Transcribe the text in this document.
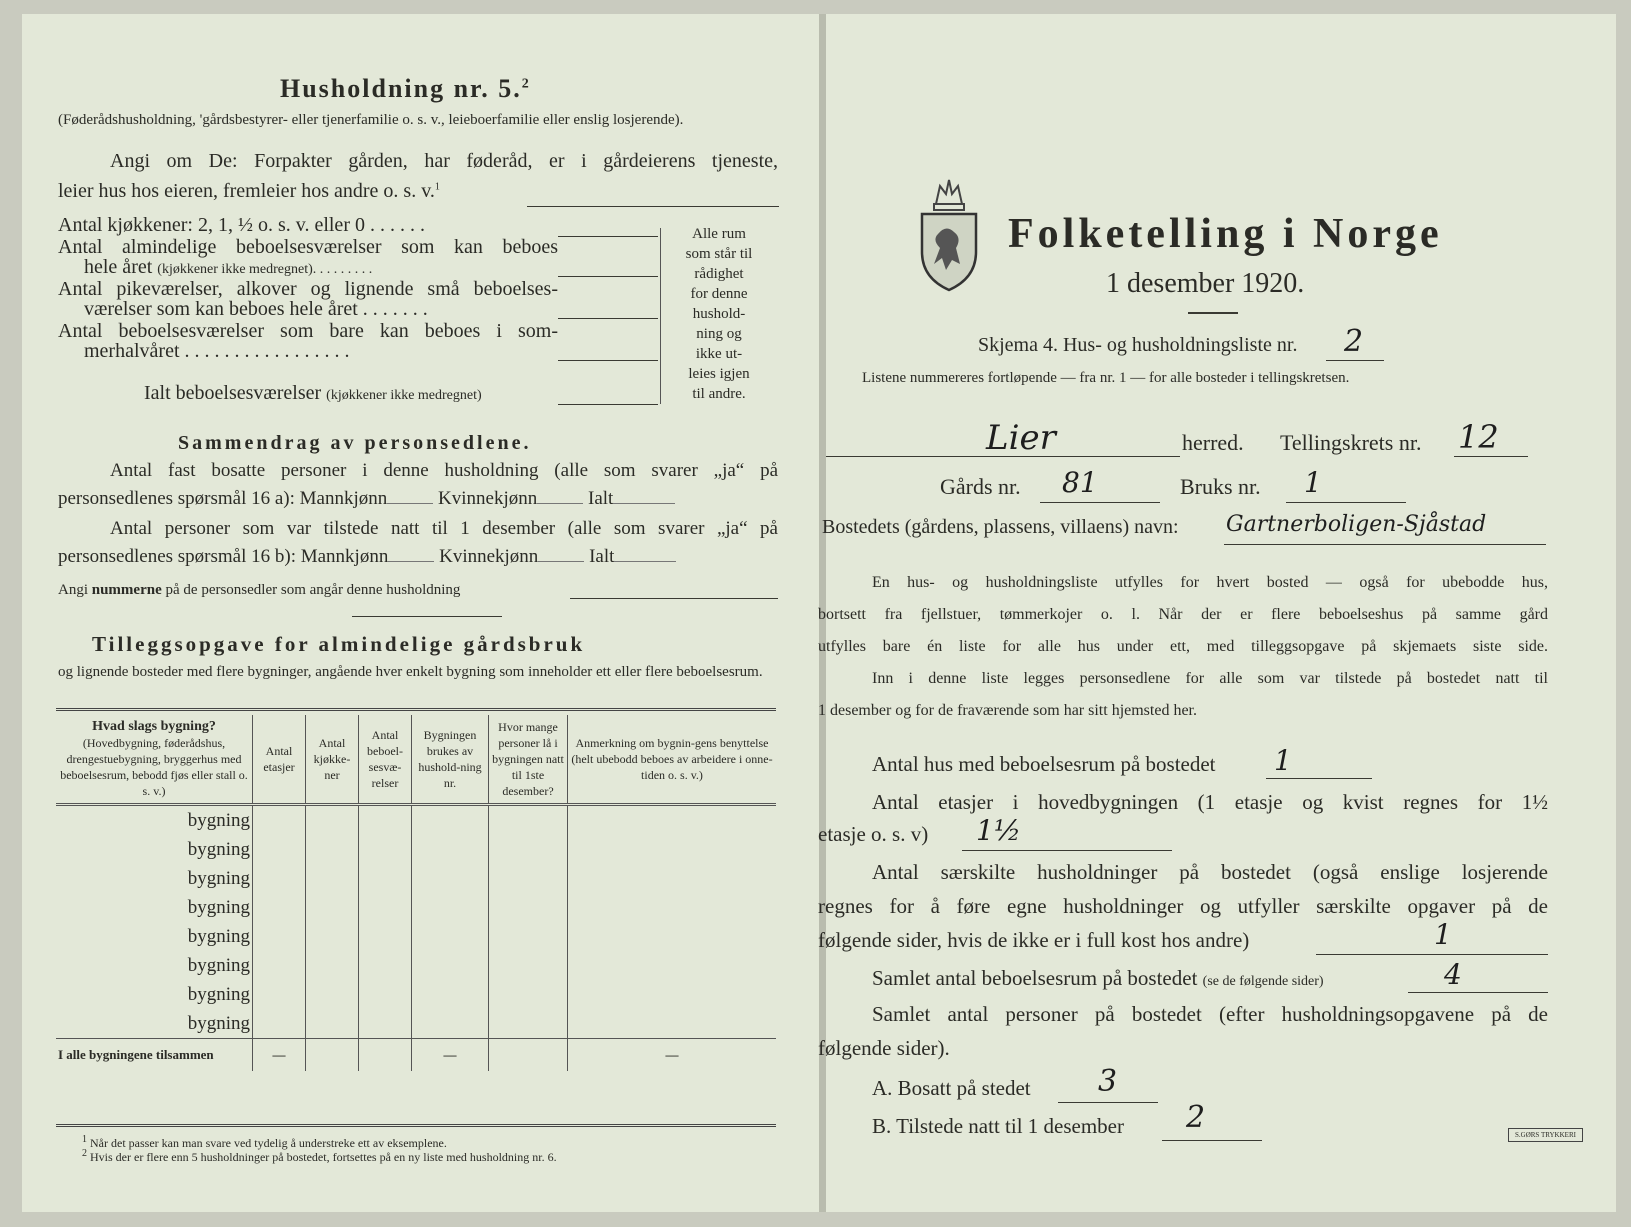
Husholdning nr. 5.$^2$
(Føderådshusholdning, 'gårdsbestyrer- eller tjenerfamilie o. s. v., leieboerfamilie eller enslig losjerende).
Angi om De: Forpakter gården, har føderåd, er i gårdeierens tjeneste,
leier hus hos eieren, fremleier hos andre o. s. v.$^1$
Antal kjøkkener: 2, 1, ½ o. s. v. eller 0 . . . . . .
Antal almindelige beboelsesværelser som kan beboes
hele året (kjøkkener ikke medregnet). . . . . . . . .
Antal pikeværelser, alkover og lignende små beboelses-
værelser som kan beboes hele året . . . . . . .
Antal beboelsesværelser som bare kan beboes i som-
merhalvåret . . . . . . . . . . . . . . . . .
Ialt beboelsesværelser (kjøkkener ikke medregnet)
Alle rum
som står til
rådighet
for denne
hushold-
ning og
ikke ut-
leies igjen
til andre.
Sammendrag av personsedlene.
Antal fast bosatte personer i denne husholdning (alle som svarer „ja“ på
personsedlenes spørsmål 16 a): Mannkjønn	Kvinnekjønn	Ialt
Antal personer som var tilstede natt til 1 desember (alle som svarer „ja“ på
personsedlenes spørsmål 16 b): Mannkjønn	Kvinnekjønn	Ialt
Angi nummerne på de personsedler som angår denne husholdning
Tilleggsopgave for almindelige gårdsbruk
og lignende bosteder med flere bygninger, angående hver enkelt bygning som inneholder ett eller flere beboelsesrum.
Hvad slags bygning?
(Hovedbygning, føderådshus, drengestuebygning, bryggerhus med beboelsesrum, bebodd fjøs eller stall o. s. v.)	Antal etasjer	Antal kjøkke-ner	Antal beboel-sesvæ-relser	Bygningen brukes av hushold-ning nr.	Hvor mange personer lå i bygningen natt til 1ste desember?	Anmerkning om bygnin-gens benyttelse (helt ubebodd beboes av arbeidere i onne-tiden o. s. v.)
bygning						
bygning						
bygning						
bygning						
bygning						
bygning						
bygning						
bygning						
I alle bygningene tilsammen	—			—		—
$^1$ Når det passer kan man svare ved tydelig å understreke ett av eksemplene.
$^2$ Hvis der er flere enn 5 husholdninger på bostedet, fortsettes på en ny liste med husholdning nr. 6.
Folketelling i Norge
1 desember 1920.
Skjema 4. Hus- og husholdningsliste nr. 2
Listene nummereres fortløpende — fra nr. 1 — for alle bosteder i tellingskretsen.
Lier	herred. Tellingskrets nr. 12
Gårds nr. 81	Bruks nr. 1
Bostedets (gårdens, plassens, villaens) navn: Gartnerboligen-Sjåstad
En hus- og husholdningsliste utfylles for hvert bosted — også for ubebodde hus,
bortsett fra fjellstuer, tømmerkojer o. l. Når der er flere beboelseshus på samme gård
utfylles bare én liste for alle hus under ett, med tilleggsopgave på skjemaets siste side.
Inn i denne liste legges personsedlene for alle som var tilstede på bostedet natt til
1 desember og for de fraværende som har sitt hjemsted her.
Antal hus med beboelsesrum på bostedet 1
Antal etasjer i hovedbygningen (1 etasje og kvist regnes for 1½
etasje o. s. v) 1½
Antal særskilte husholdninger på bostedet (også enslige losjerende
regnes for å føre egne husholdninger og utfyller særskilte opgaver på de
følgende sider, hvis de ikke er i full kost hos andre)	1
Samlet antal beboelsesrum på bostedet (se de følgende sider)	4
Samlet antal personer på bostedet (efter husholdningsopgavene på de
følgende sider).
A. Bosatt på stedet 3
B. Tilstede natt til 1 desember 2	S.GØRS TRYKKERI
